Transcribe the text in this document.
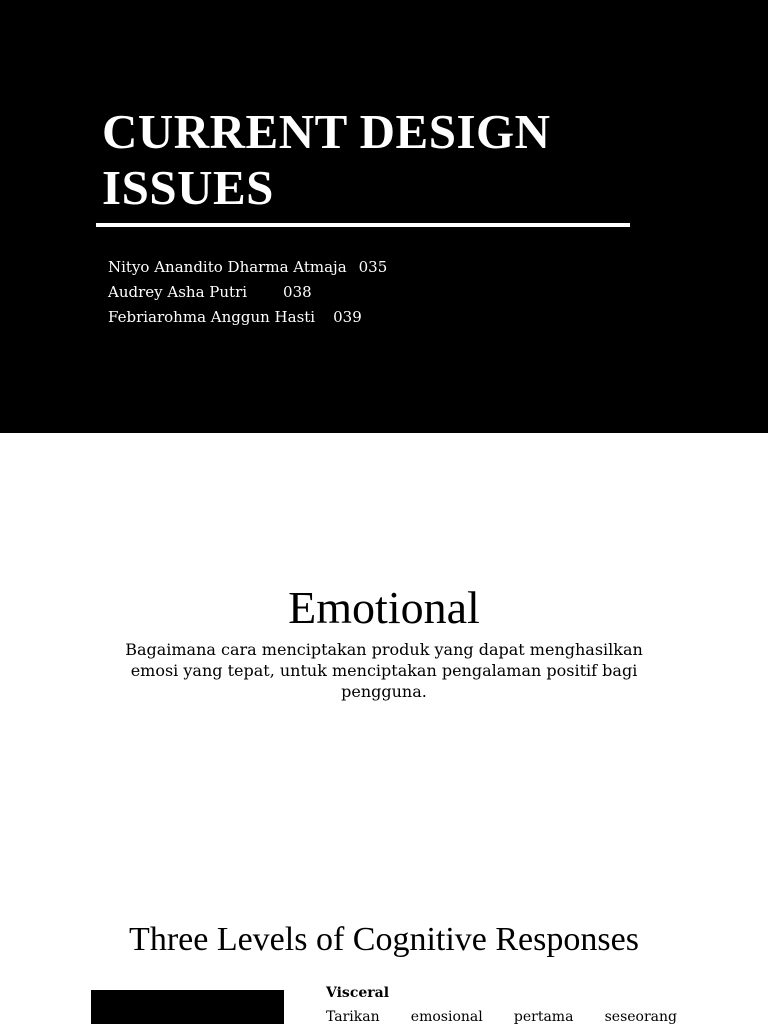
CURRENT DESIGN ISSUES
Nityo Anandito Dharma Atmaja 035
Audrey Asha Putri 038
Febriarohma Anggun Hasti 039
Emotional

Bagaimana cara menciptakan produk yang dapat menghasilkan emosi yang tepat, untuk menciptakan pengalaman positif bagi pengguna.

Three Levels of Cognitive Responses

Visceral

Tarikan emosional pertama seseorang
